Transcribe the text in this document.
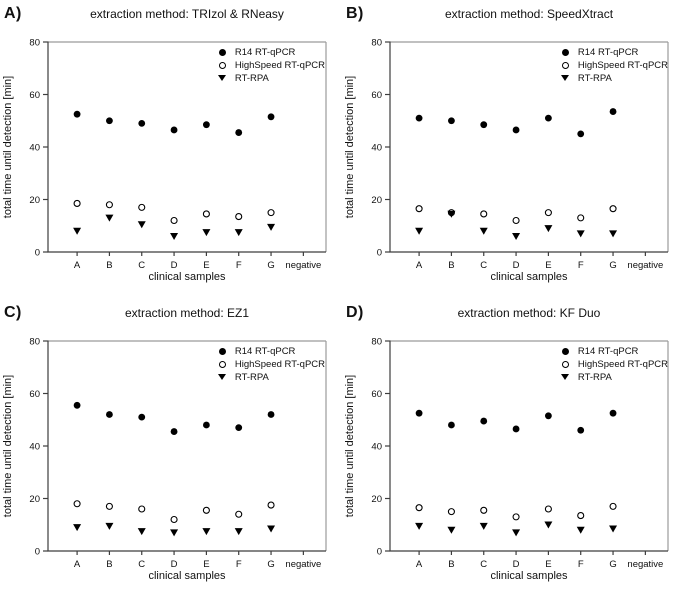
A)	extraction method: TRIzol & RNeasy
0
20
40
60
80
A	B	C	D	E	F	G negative
total time until detection [min]
clinical samples
R14 RT-qPCR
HighSpeed RT-qPCR
RT-RPA
B)	extraction method: SpeedXtract
0
20
40
60
80
A	B	C	D	E	F	G negative
total time until detection [min]
clinical samples
R14 RT-qPCR
HighSpeed RT-qPCR
RT-RPA
C)	extraction method: EZ1
0
20
40
60
80
A	B	C	D	E	F	G negative
total time until detection [min]
clinical samples
R14 RT-qPCR
HighSpeed RT-qPCR
RT-RPA
D)	extraction method: KF Duo
0
20
40
60
80
A	B	C	D	E	F	G negative
total time until detection [min]
clinical samples
R14 RT-qPCR
HighSpeed RT-qPCR
RT-RPA
